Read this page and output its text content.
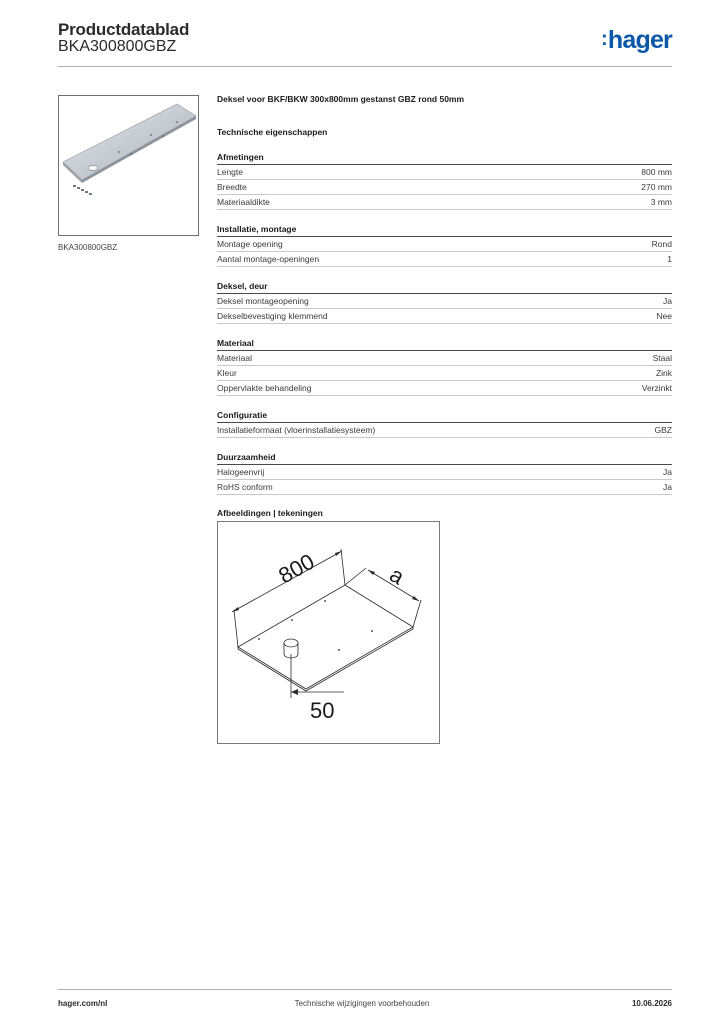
Productdatablad
BKA300800GBZ	:hager
BKA300800GBZ
Deksel voor BKF/BKW 300x800mm gestanst GBZ rond 50mm
Technische eigenschappen
Afmetingen
Lengte	800 mm
Breedte	270 mm
Materiaaldikte	3 mm
Installatie, montage
Montage opening	Rond
Aantal montage-openingen	1
Deksel, deur
Deksel montageopening	Ja
Dekselbevestiging klemmend	Nee
Materiaal
Materiaal	Staal
Kleur	Zink
Oppervlakte behandeling	Verzinkt
Configuratie
Installatieformaat (vloerinstallatiesysteem)	GBZ
Duurzaamheid
Halogeenvrij	Ja
RoHS conform	Ja
Afbeeldingen | tekeningen
800	a
50
hager.com/nl	Technische wijzigingen voorbehouden	10.06.2026
